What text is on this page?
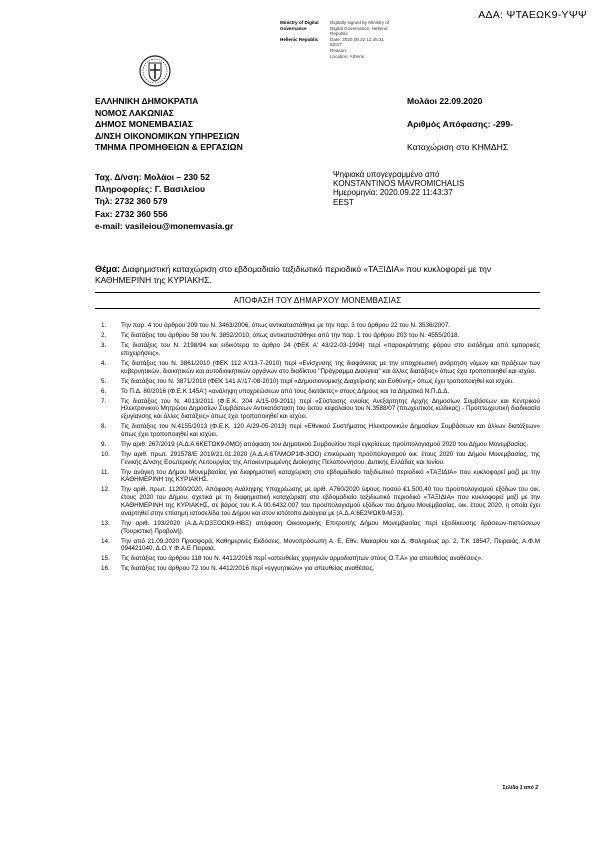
ΑΔΑ: ΨΤΑΕΩΚ9-ΥΨΨ
Ministry of Digital	Digitally signed by Ministry of
Governance	Digital Governance, Hellenic Republic
Hellenic Republic	Date: 2020.09.22 11:45:31 EEST
Reason:
Location: Athens
ΕΛΛΗΝΙΚΗ ΔΗΜΟΚΡΑΤΙΑ
ΝΟΜΟΣ ΛΑΚΩΝΙΑΣ
ΔΗΜΟΣ ΜΟΝΕΜΒΑΣΙΑΣ
Δ/ΝΣΗ ΟΙΚΟΝΟΜΙΚΩΝ ΥΠΗΡΕΣΙΩΝ
ΤΜΗΜΑ ΠΡΟΜΗΘΕΙΩΝ & ΕΡΓΑΣΙΩΝ
Μολάοι 22.09.2020
Αριθμός Απόφασης: -299-
Καταχώριση στο ΚΗΜΔΗΣ
Ταχ. Δ/νση: Μολάοι – 230 52
Πληροφορίες: Γ. Βασιλείου
Τηλ: 2732 360 579
Fax: 2732 360 556
e-mail: vasileiou@monemvasia.gr
Ψηφιακά υπογεγραμμένο από
KONSTANTINOS MAVROMICHALIS
Ημερομηνία: 2020.09.22 11:43:37
EEST
Θέμα: Διαφημιστική καταχώριση στο εβδομαδιαίο ταξιδιωτικό περιοδικό «ΤΑΞΙΔΙΑ» που κυκλοφορεί με την ΚΑΘΗΜΕΡΙΝΗ της ΚΥΡΙΑΚΗΣ.
ΑΠΟΦΑΣΗ ΤΟΥ ΔΗΜΑΡΧΟΥ ΜΟΝΕΜΒΑΣΙΑΣ
1.	Την παρ. 4 του άρθρου 209 του Ν. 3463/2006, όπως αντικαταστάθηκε με την παρ. 3 του άρθρου 22 του Ν. 3536/2007.
2.	Τις διατάξεις του άρθρου 58 του Ν. 3852/2010, όπως αντικαταστάθηκε από την παρ. 1 του άρθρου 203 του Ν. 4555/2018.
3.	Τις διατάξεις του Ν. 2198/94 και ειδικότερα το άρθρο 24 (ΦΕΚ Α' 43/22-03-1994) περί «παρακράτησης φόρου στο εισόδημα από εμπορικές επιχειρήσεις».
4.	Τις διατάξεις του Ν. 3861/2010 (ΦΕΚ 112 Α'/13-7-2010) περί «Ενίσχυσης της διαφάνειας με την υποχρεωτική ανάρτηση νόμων και πράξεων των κυβερνητικών, διοικητικών και αυτοδιοικητικών οργάνων στο διαδίκτυο "Πρόγραμμα Διαύγεια" και άλλες διατάξεις» όπως έχει τροποποιηθεί και ισχύει.
5.	Τις διατάξεις του Ν. 3871/2010 (ΦΕΚ 141 Α'/17-08-2010) περί «Δημοσιονομικής Διαχείρισης και Ευθύνης» όπως έχει τροποποιηθεί και ισχύει.
6.	Το Π.Δ. 80/2016 (Φ.Ε.Κ 145Α') «ανάληψη υποχρεώσεων από τους διατάκτες» στους Δήμους και τα Δημοτικά Ν.Π.Δ.Δ.
7.	Τις διατάξεις του Ν. 4013/2011 (Φ.Ε.Κ. 204 Α/15-09-2011) περί «Σύστασης ενιαίας Ανεξάρτητης Αρχής Δημοσίων Συμβάσεων και Κεντρικού Ηλεκτρονικού Μητρώου Δημοσίων Συμβάσεων Αντικατάσταση του έκτου κεφαλαίου του Ν.3588/07 (πτωχευτικός κώδικας) - Προπτωχευτική διαδικασία εξυγίανσης και άλλες διατάξεις» όπως έχει τροποποιηθεί και ισχύει.
8.	Τις διατάξεις του Ν.4155/2013 (Φ.Ε.Κ. 120 Α/29-05-2013) περί «Εθνικού Συστήματος Ηλεκτρονικών Δημοσίων Συμβάσεων και άλλων διατάξεων» όπως έχει τροποποιηθεί και ισχύει.
9.	Την αριθ. 267/2019 (Α.Δ.Α 6ΚΕΤΩΚ9-0ΜΟ) απόφαση του Δημοτικού Συμβουλίου περί εγκρίσεως προϋπολογισμού 2020 του Δήμου Μονεμβασίας.
10.	Την αριθ. πρωτ. 291578/Ε 2019/21.01.2020 (Α.Δ.Α:6ΤΛΜΟΡ1Φ-3ΟΟ) επικύρωση προϋπολογισμού οικ. έτους 2020 του Δήμου Μονεμβασίας, της Γενικής Δ/νσης Εσωτερικής Λειτουργίας της Αποκεντρωμένης Διοίκησης Πελοποννήσου, Δυτικής Ελλάδας και Ιονίου.
11.	Την ανάγκη του Δήμου Μονεμβασίας για διαφημιστική καταχώριση στο εβδομαδιαίο ταξιδιωτικό περιοδικό «ΤΑΞΙΔΙΑ» που κυκλοφορεί μαζί με την ΚΑΘΗΜΕΡΙΝΗ της ΚΥΡΙΑΚΗΣ.
12.	Την αριθ. πρωτ. 11200/2020, Απόφαση Ανάληψης Υποχρέωσης με αριθ. Α760/2020 ύψους ποσού €1.500,40 του προϋπολογισμού εξόδων του οικ. έτους 2020 του Δήμου, σχετικά με τη διαφημιστική καταχώριση στο εβδομαδιαίο ταξιδιωτικό περιοδικό «ΤΑΞΙΔΙΑ» που κυκλοφορεί μαζί με την ΚΑΘΗΜΕΡΙΝΗ της ΚΥΡΙΑΚΗΣ, σε βάρος του Κ.Α 00.6432.007 του προϋπολογισμού εξόδων του Δήμου Μονεμβασίας, οικ. έτους 2020, η οποία έχει αναρτηθεί στην επίσημη ιστοσελίδα του Δήμου και στον ιστότοπο Διαύγεια με (Α.Δ.Α:6Ε2ΨΩΚ9-ΜΞ3).
13.	Την αριθ. 193/2020 (Α.Δ.Α:Ω3ΞΟΩΚ9-ΗΒΞ) απόφαση Οικονομικής Επιτροπής Δήμου Μονεμβασίας περί εξειδίκευσης δράσεων-πιστώσεων (Τουριστική Προβολή).
14.	Την από 21.09.2020 Προσφορά, Καθημερινές Εκδόσεις, Μονοπρόσωπη Α. Ε, Εθν. Μακαρίου και Δ. Φαληρέως αρ. 2, Τ.Κ 18547, Πειραιάς, Α.Φ.Μ 094421040, Δ.Ο.Υ Φ.Α.Ε Πειραιά.
15.	Τις διατάξεις του άρθρου 118 του Ν. 4412/2016 περί «απευθείας χορηγιών αρμοδιοτήτων στους Ο.Τ.Α» για απευθείας αναθέσεις».
16.	Τις διατάξεις του άρθρου 72 του Ν. 4412/2016 περί «εγγυητικών» για απευθείας αναθέσεις.
Σελίδα 1 από 2
